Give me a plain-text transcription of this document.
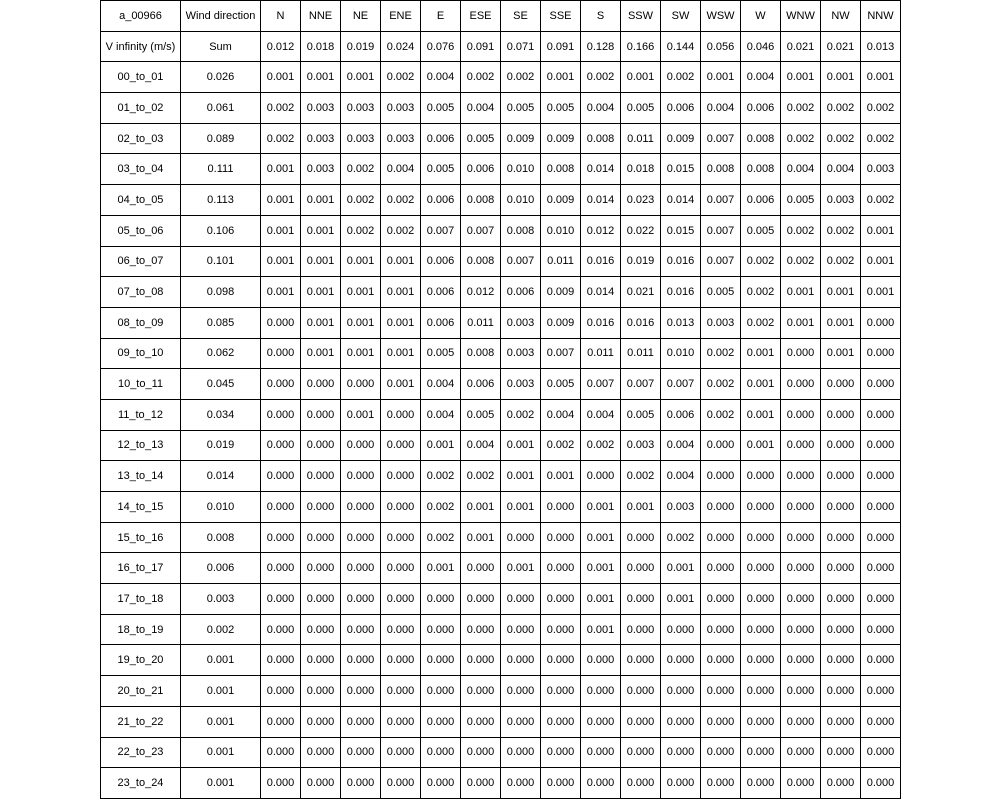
a_00966	Wind direction	N	NNE	NE	ENE	E	ESE	SE	SSE	S	SSW	SW	WSW	W	WNW	NW	NNW
V infinity (m/s)	Sum	0.012	0.018	0.019	0.024	0.076	0.091	0.071	0.091	0.128	0.166	0.144	0.056	0.046	0.021	0.021	0.013
00_to_01	0.026	0.001	0.001	0.001	0.002	0.004	0.002	0.002	0.001	0.002	0.001	0.002	0.001	0.004	0.001	0.001	0.001
01_to_02	0.061	0.002	0.003	0.003	0.003	0.005	0.004	0.005	0.005	0.004	0.005	0.006	0.004	0.006	0.002	0.002	0.002
02_to_03	0.089	0.002	0.003	0.003	0.003	0.006	0.005	0.009	0.009	0.008	0.011	0.009	0.007	0.008	0.002	0.002	0.002
03_to_04	0.111	0.001	0.003	0.002	0.004	0.005	0.006	0.010	0.008	0.014	0.018	0.015	0.008	0.008	0.004	0.004	0.003
04_to_05	0.113	0.001	0.001	0.002	0.002	0.006	0.008	0.010	0.009	0.014	0.023	0.014	0.007	0.006	0.005	0.003	0.002
05_to_06	0.106	0.001	0.001	0.002	0.002	0.007	0.007	0.008	0.010	0.012	0.022	0.015	0.007	0.005	0.002	0.002	0.001
06_to_07	0.101	0.001	0.001	0.001	0.001	0.006	0.008	0.007	0.011	0.016	0.019	0.016	0.007	0.002	0.002	0.002	0.001
07_to_08	0.098	0.001	0.001	0.001	0.001	0.006	0.012	0.006	0.009	0.014	0.021	0.016	0.005	0.002	0.001	0.001	0.001
08_to_09	0.085	0.000	0.001	0.001	0.001	0.006	0.011	0.003	0.009	0.016	0.016	0.013	0.003	0.002	0.001	0.001	0.000
09_to_10	0.062	0.000	0.001	0.001	0.001	0.005	0.008	0.003	0.007	0.011	0.011	0.010	0.002	0.001	0.000	0.001	0.000
10_to_11	0.045	0.000	0.000	0.000	0.001	0.004	0.006	0.003	0.005	0.007	0.007	0.007	0.002	0.001	0.000	0.000	0.000
11_to_12	0.034	0.000	0.000	0.001	0.000	0.004	0.005	0.002	0.004	0.004	0.005	0.006	0.002	0.001	0.000	0.000	0.000
12_to_13	0.019	0.000	0.000	0.000	0.000	0.001	0.004	0.001	0.002	0.002	0.003	0.004	0.000	0.001	0.000	0.000	0.000
13_to_14	0.014	0.000	0.000	0.000	0.000	0.002	0.002	0.001	0.001	0.000	0.002	0.004	0.000	0.000	0.000	0.000	0.000
14_to_15	0.010	0.000	0.000	0.000	0.000	0.002	0.001	0.001	0.000	0.001	0.001	0.003	0.000	0.000	0.000	0.000	0.000
15_to_16	0.008	0.000	0.000	0.000	0.000	0.002	0.001	0.000	0.000	0.001	0.000	0.002	0.000	0.000	0.000	0.000	0.000
16_to_17	0.006	0.000	0.000	0.000	0.000	0.001	0.000	0.001	0.000	0.001	0.000	0.001	0.000	0.000	0.000	0.000	0.000
17_to_18	0.003	0.000	0.000	0.000	0.000	0.000	0.000	0.000	0.000	0.001	0.000	0.001	0.000	0.000	0.000	0.000	0.000
18_to_19	0.002	0.000	0.000	0.000	0.000	0.000	0.000	0.000	0.000	0.001	0.000	0.000	0.000	0.000	0.000	0.000	0.000
19_to_20	0.001	0.000	0.000	0.000	0.000	0.000	0.000	0.000	0.000	0.000	0.000	0.000	0.000	0.000	0.000	0.000	0.000
20_to_21	0.001	0.000	0.000	0.000	0.000	0.000	0.000	0.000	0.000	0.000	0.000	0.000	0.000	0.000	0.000	0.000	0.000
21_to_22	0.001	0.000	0.000	0.000	0.000	0.000	0.000	0.000	0.000	0.000	0.000	0.000	0.000	0.000	0.000	0.000	0.000
22_to_23	0.001	0.000	0.000	0.000	0.000	0.000	0.000	0.000	0.000	0.000	0.000	0.000	0.000	0.000	0.000	0.000	0.000
23_to_24	0.001	0.000	0.000	0.000	0.000	0.000	0.000	0.000	0.000	0.000	0.000	0.000	0.000	0.000	0.000	0.000	0.000
